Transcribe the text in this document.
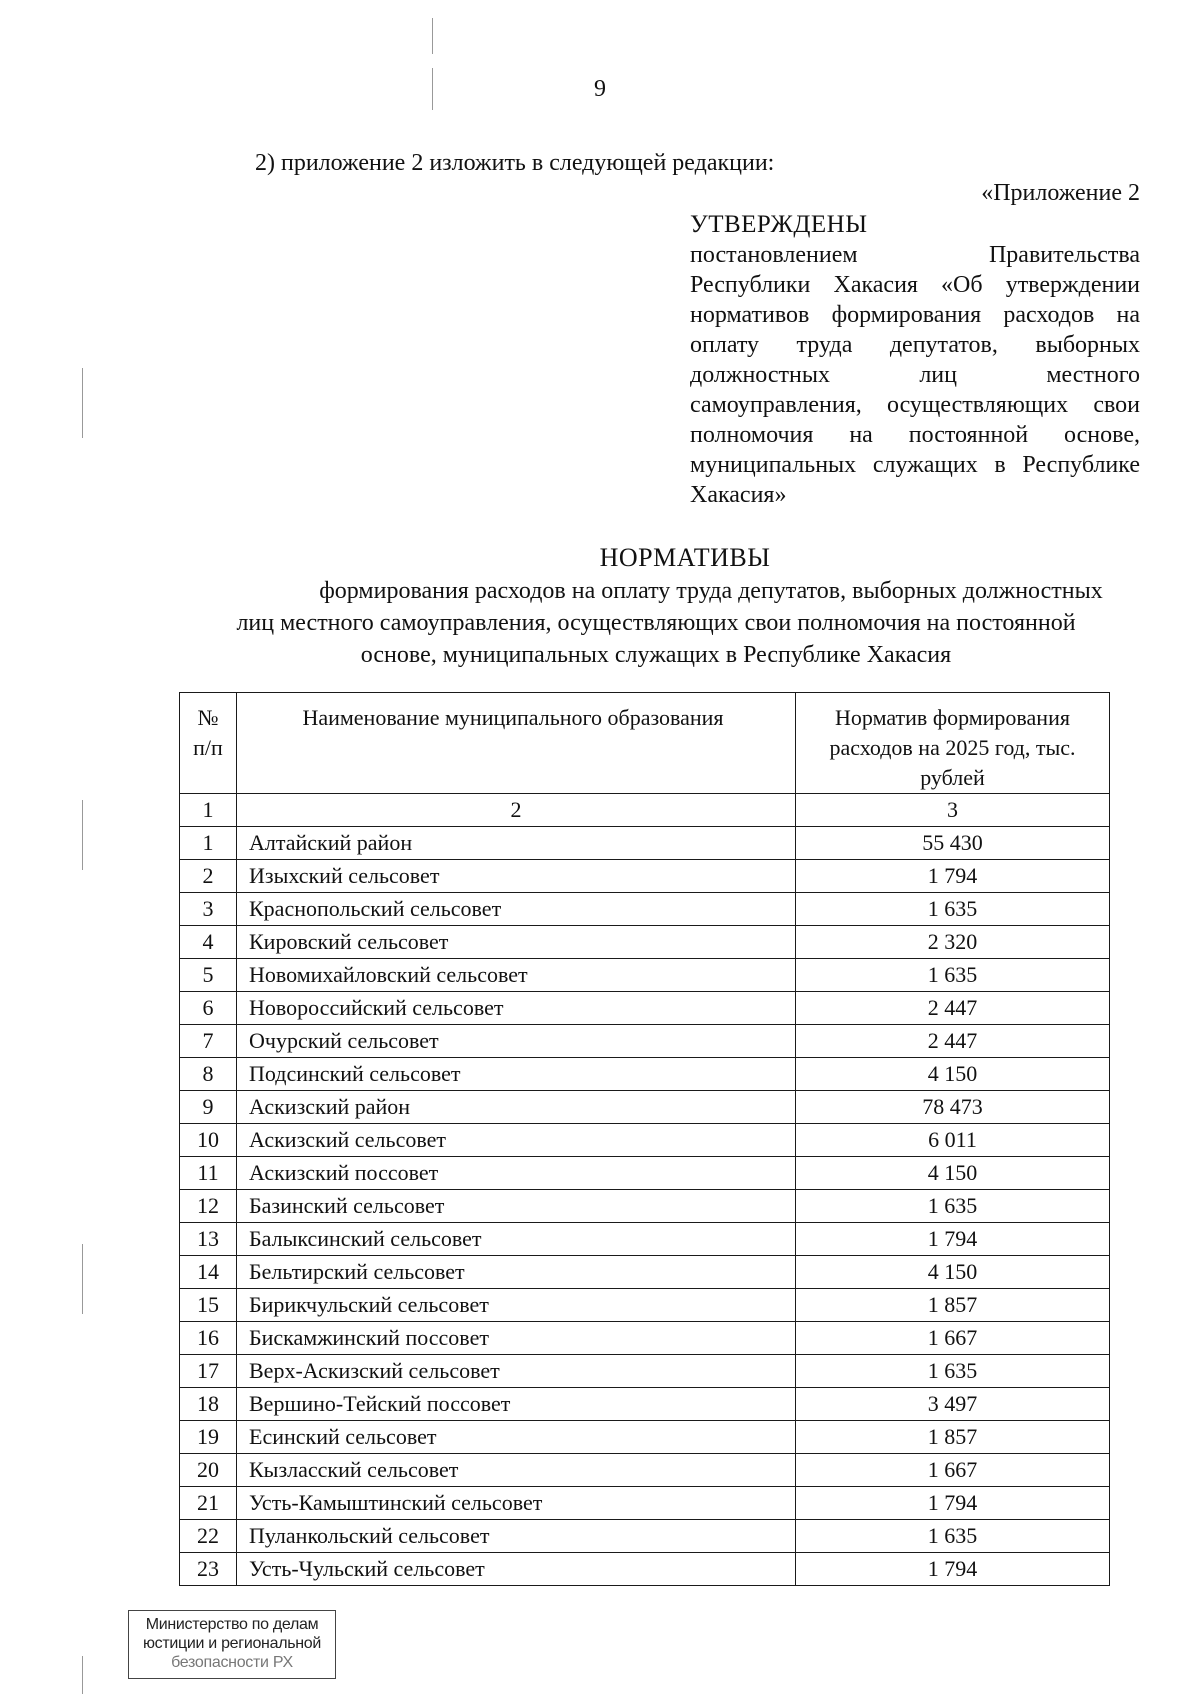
9
2) приложение 2 изложить в следующей редакции:
«Приложение 2
УТВЕРЖДЕНЫ
постановлением Правительства Республики Хакасия «Об утверждении нормативов формирования расходов на оплату труда депутатов, выборных должностных лиц местного самоуправления, осуществляющих свои полномочия на постоянной основе, муниципальных служащих в Республике Хакасия»
НОРМАТИВЫ
формирования расходов на оплату труда депутатов, выборных должностных
лиц местного самоуправления, осуществляющих свои полномочия на постоянной
основе, муниципальных служащих в Республике Хакасия
№ п/п	Наименование муниципального образования	Норматив формирования расходов на 2025 год, тыс. рублей
1	2	3
1	Алтайский район	55 430
2	Изыхский сельсовет	1 794
3	Краснопольский сельсовет	1 635
4	Кировский сельсовет	2 320
5	Новомихайловский сельсовет	1 635
6	Новороссийский сельсовет	2 447
7	Очурский сельсовет	2 447
8	Подсинский сельсовет	4 150
9	Аскизский район	78 473
10	Аскизский сельсовет	6 011
11	Аскизский поссовет	4 150
12	Базинский сельсовет	1 635
13	Балыксинский сельсовет	1 794
14	Бельтирский сельсовет	4 150
15	Бирикчульский сельсовет	1 857
16	Бискамжинский поссовет	1 667
17	Верх-Аскизский сельсовет	1 635
18	Вершино-Тейский поссовет	3 497
19	Есинский сельсовет	1 857
20	Кызласский сельсовет	1 667
21	Усть-Камыштинский сельсовет	1 794
22	Пуланкольский сельсовет	1 635
23	Усть-Чульский сельсовет	1 794
Министерство по делам
юстиции и региональной
безопасности РХ
